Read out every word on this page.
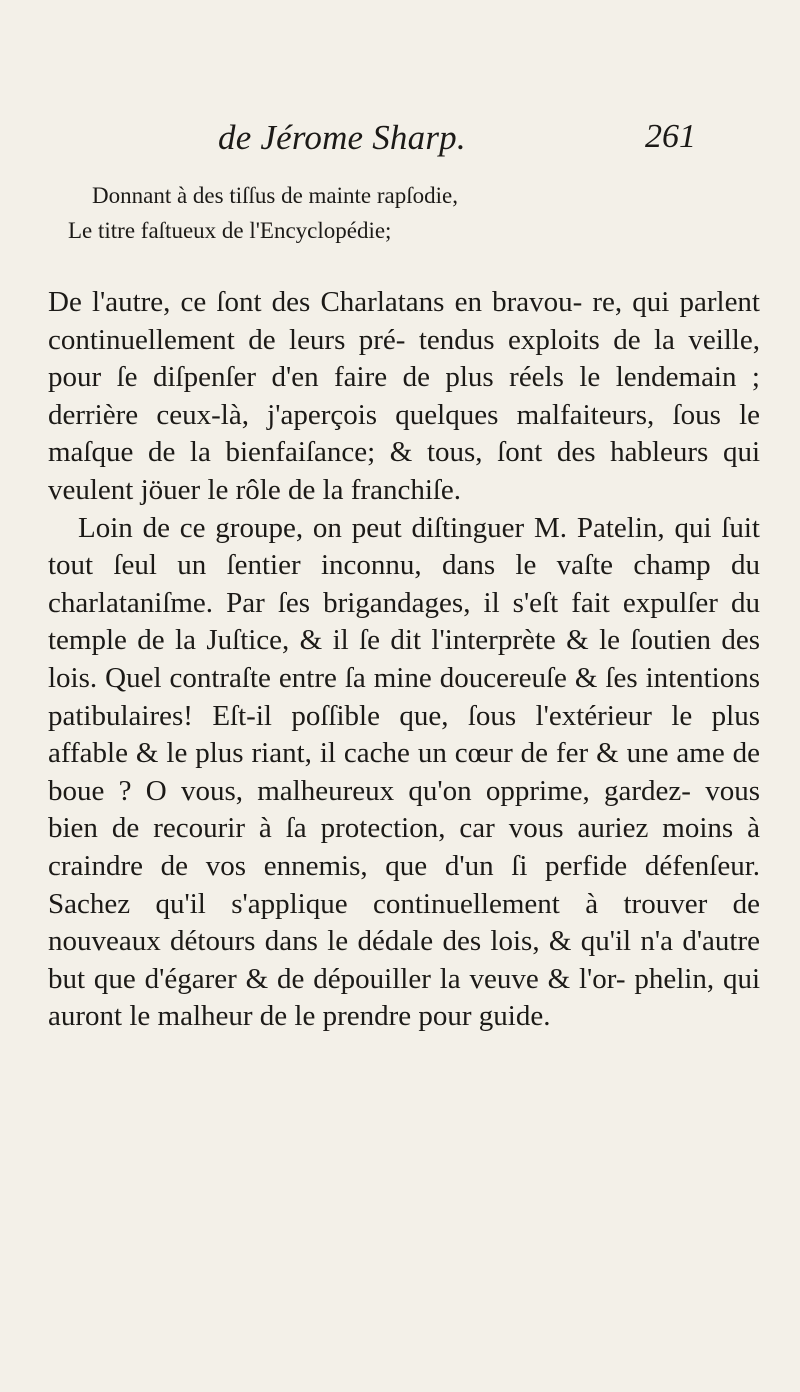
de Jérome Sharp.	261
Donnant à des tiſſus de mainte rapſodie,
Le titre faſtueux de l'Encyclopédie;

De l'autre, ce ſont des Charlatans en bravou- re, qui parlent continuellement de leurs pré- tendus exploits de la veille, pour ſe diſpenſer d'en faire de plus réels le lendemain ; derrière ceux-là, j'aperçois quelques malfaiteurs, ſous le maſque de la bienfaiſance; & tous, ſont des hableurs qui veulent jöuer le rôle de la franchiſe.

Loin de ce groupe, on peut diſtinguer M. Patelin, qui ſuit tout ſeul un ſentier inconnu, dans le vaſte champ du charlataniſme. Par ſes brigandages, il s'eſt fait expulſer du temple de la Juſtice, & il ſe dit l'interprète & le ſoutien des lois. Quel contraſte entre ſa mine doucereuſe & ſes intentions patibulaires! Eſt-il poſſible que, ſous l'extérieur le plus affable & le plus riant, il cache un cœur de fer & une ame de boue ? O vous, malheureux qu'on opprime, gardez- vous bien de recourir à ſa protection, car vous auriez moins à craindre de vos ennemis, que d'un ſi perfide défenſeur. Sachez qu'il s'applique continuellement à trouver de nouveaux détours dans le dédale des lois, & qu'il n'a d'autre but que d'égarer & de dépouiller la veuve & l'or- phelin, qui auront le malheur de le prendre pour guide.
